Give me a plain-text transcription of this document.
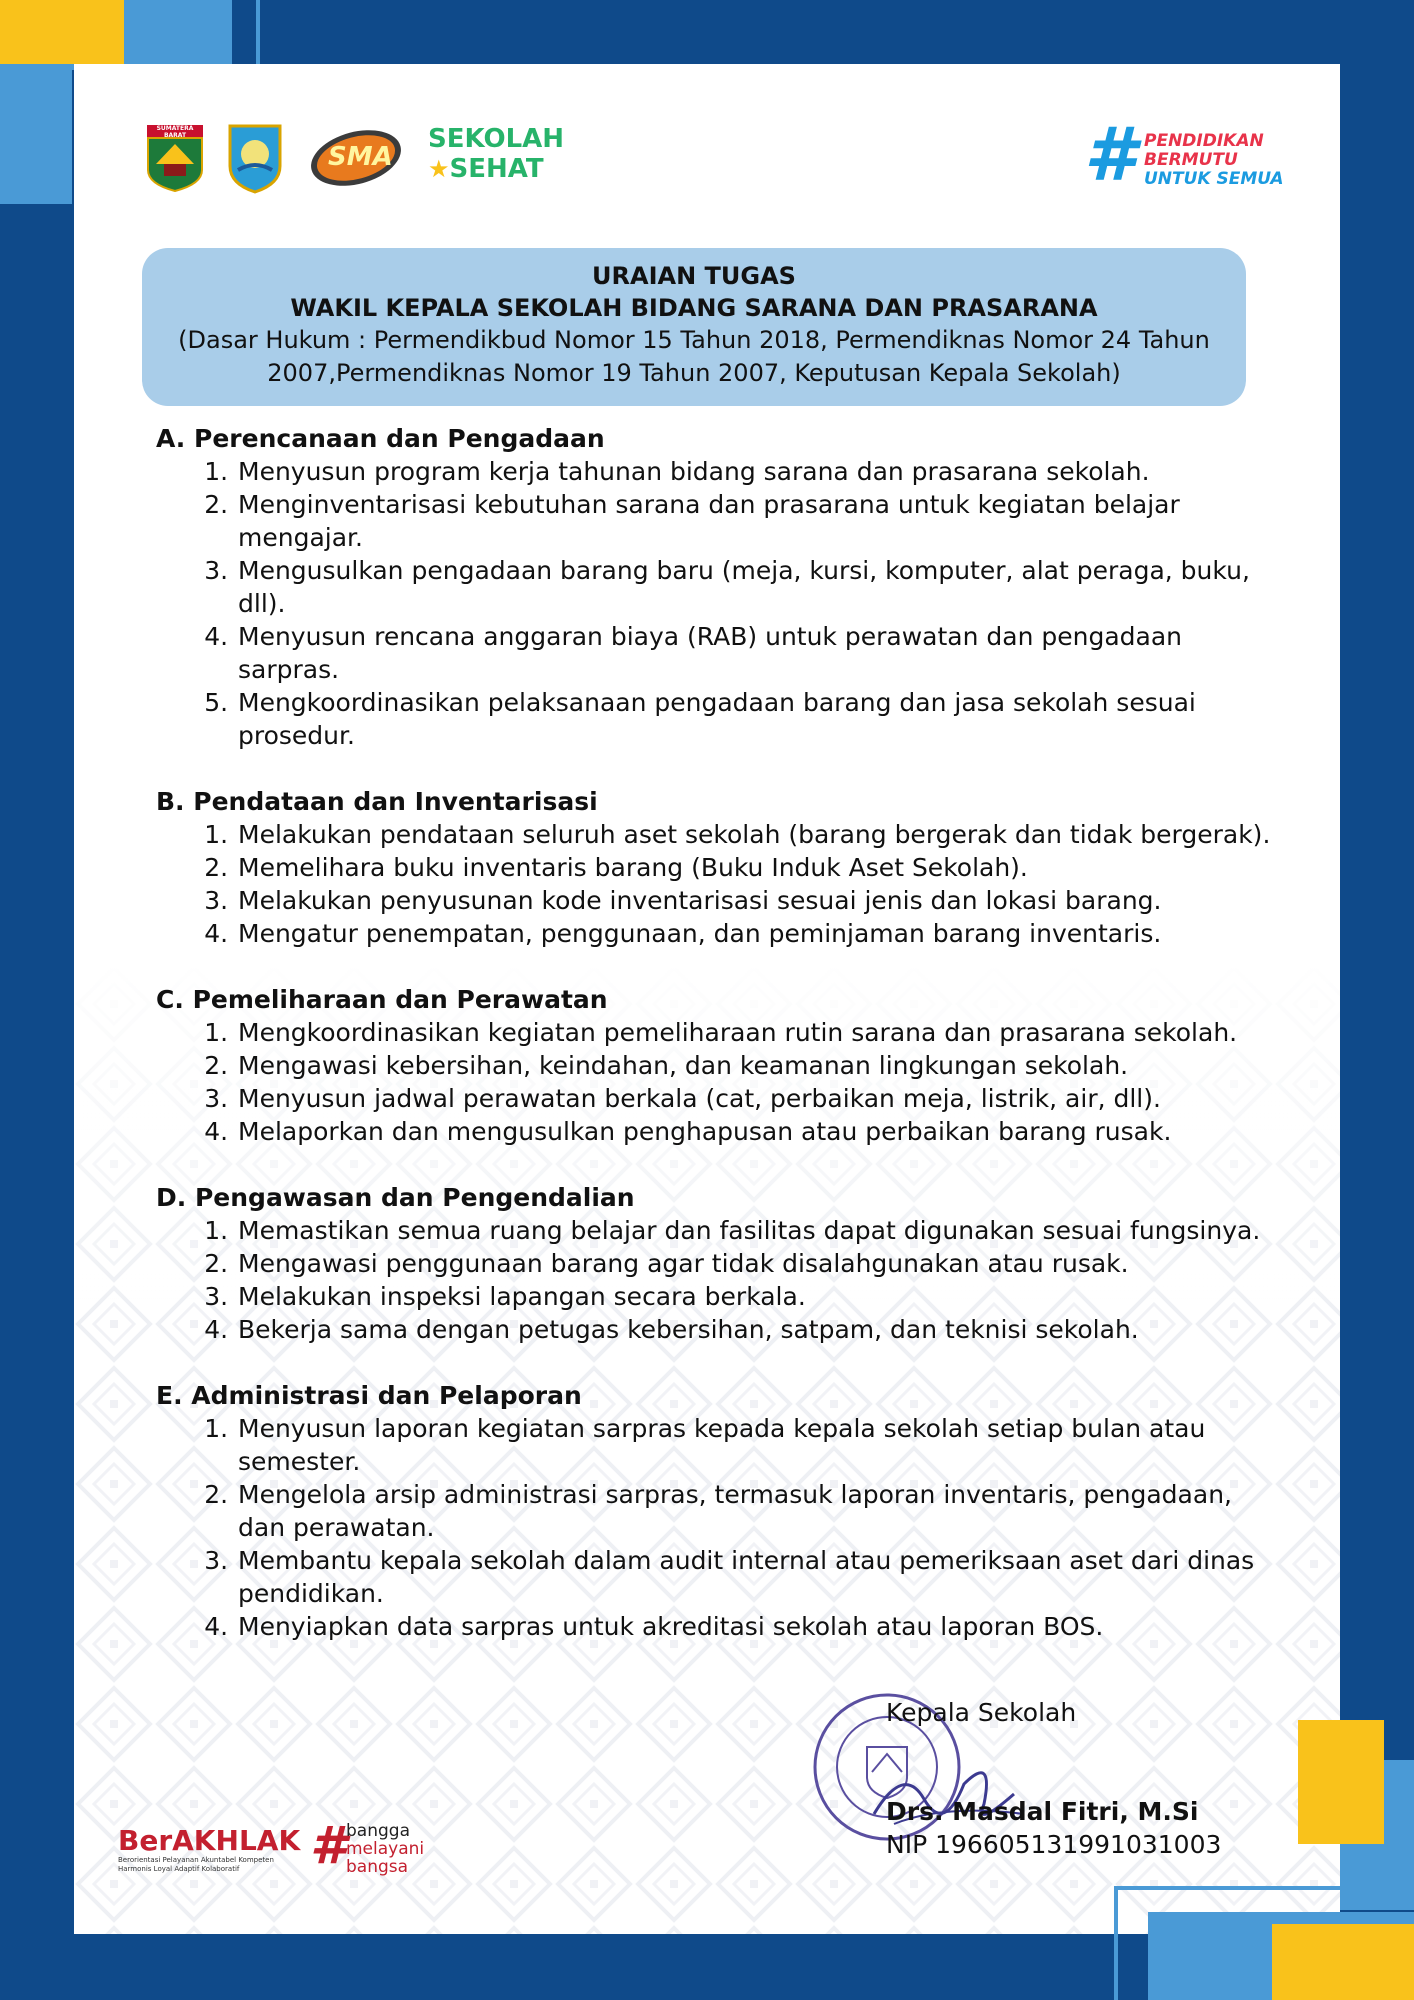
SUMATERA BARAT
SMA
SEKOLAH
★ SEHAT	# PENDIDIKAN
BERMUTU
UNTUK SEMUA
URAIAN TUGAS
WAKIL KEPALA SEKOLAH BIDANG SARANA DAN PRASARANA
(Dasar Hukum : Permendikbud Nomor 15 Tahun 2018, Permendiknas Nomor 24 Tahun 2007,Permendiknas Nomor 19 Tahun 2007, Keputusan Kepala Sekolah)

A. Perencanaan dan Pengadaan

1. Menyusun program kerja tahunan bidang sarana dan prasarana sekolah.
2. Menginventarisasi kebutuhan sarana dan prasarana untuk kegiatan belajar mengajar.
3. Mengusulkan pengadaan barang baru (meja, kursi, komputer, alat peraga, buku, dll).
4. Menyusun rencana anggaran biaya (RAB) untuk perawatan dan pengadaan sarpras.
5. Mengkoordinasikan pelaksanaan pengadaan barang dan jasa sekolah sesuai prosedur.

B. Pendataan dan Inventarisasi

1. Melakukan pendataan seluruh aset sekolah (barang bergerak dan tidak bergerak).
2. Memelihara buku inventaris barang (Buku Induk Aset Sekolah).
3. Melakukan penyusunan kode inventarisasi sesuai jenis dan lokasi barang.
4. Mengatur penempatan, penggunaan, dan peminjaman barang inventaris.

C. Pemeliharaan dan Perawatan

1. Mengkoordinasikan kegiatan pemeliharaan rutin sarana dan prasarana sekolah.
2. Mengawasi kebersihan, keindahan, dan keamanan lingkungan sekolah.
3. Menyusun jadwal perawatan berkala (cat, perbaikan meja, listrik, air, dll).
4. Melaporkan dan mengusulkan penghapusan atau perbaikan barang rusak.

D. Pengawasan dan Pengendalian

1. Memastikan semua ruang belajar dan fasilitas dapat digunakan sesuai fungsinya.
2. Mengawasi penggunaan barang agar tidak disalahgunakan atau rusak.
3. Melakukan inspeksi lapangan secara berkala.
4. Bekerja sama dengan petugas kebersihan, satpam, dan teknisi sekolah.

E. Administrasi dan Pelaporan

1. Menyusun laporan kegiatan sarpras kepada kepala sekolah setiap bulan atau semester.
2. Mengelola arsip administrasi sarpras, termasuk laporan inventaris, pengadaan, dan perawatan.
3. Membantu kepala sekolah dalam audit internal atau pemeriksaan aset dari dinas pendidikan.
4. Menyiapkan data sarpras untuk akreditasi sekolah atau laporan BOS.
Kepala Sekolah
Drs. Masdal Fitri, M.Si
NIP 196605131991031003
BerAKHLAK
Berorientasi Pelayanan Akuntabel Kompeten
Harmonis Loyal Adaptif Kolaboratif	# bangga
melayani
bangsa
